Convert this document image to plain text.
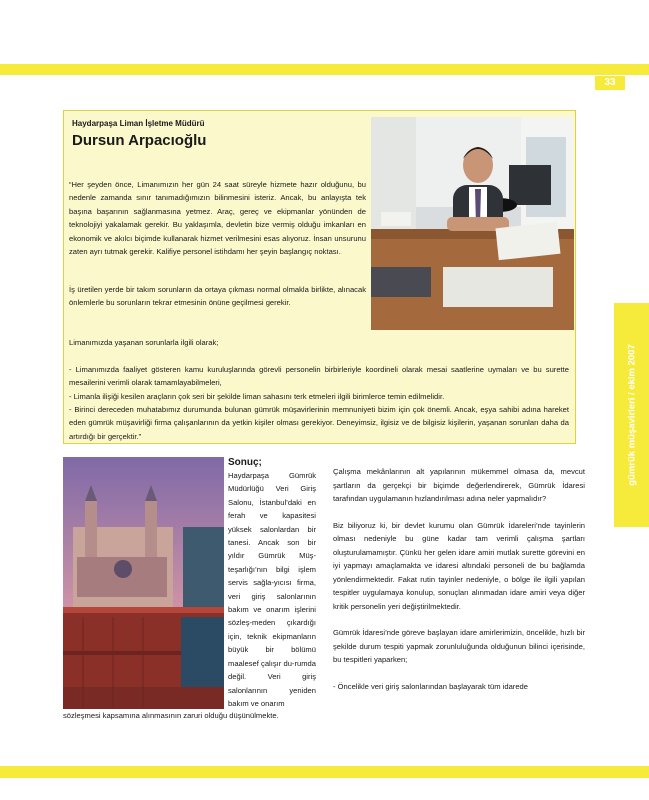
33
gümrük müşavirleri / ekim 2007
Haydarpaşa Liman İşletme Müdürü
Dursun Arpacıoğlu
“Her şeyden önce, Limanımızın her gün 24 saat süreyle hizmete hazır olduğunu, bu nedenle zamanda sınır tanımadığımızın bilinmesini isteriz. Ancak, bu anlayışta tek başına başarının sağlanmasına yetmez. Araç, gereç ve ekipmanlar yönünden de teknolojiyi yakalamak gerekir. Bu yaklaşımla, devletin bize vermiş olduğu imkanları en ekonomik ve akılcı biçimde kullanarak hizmet verilmesini esas alıyoruz. İnsan unsurunu zaten ayrı tutmak gerekir. Kalifiye personel istihdamı her şeyin başlangıç noktası.
İş üretilen yerde bir takım sorunların da ortaya çıkması normal olmakla birlikte, alınacak önlemlerle bu sorunların tekrar etmesinin önüne geçilmesi gerekir.
Limanımızda yaşanan sorunlarla ilgili olarak;
- Limanımızda faaliyet gösteren kamu kuruluşlarında görevli personelin birbirleriyle koordineli olarak mesai saatlerine uymaları ve bu surette mesailerini verimli olarak tamamlayabilmeleri,
- Limanla ilişiği kesilen araçların çok seri bir şekilde liman sahasını terk etmeleri ilgili birimlerce temin edilmelidir.
- Birinci dereceden muhatabımız durumunda bulunan gümrük müşavirlerinin memnuniyeti bizim için çok önemli. Ancak, eşya sahibi adına hareket eden gümrük müşavirliği firma çalışanlarının da yetkin kişiler olması gerekiyor. Deneyimsiz, ilgisiz ve de bilgisiz kişilerin, yaşanan sorunları daha da artırdığı bir gerçektir.”
Sonuç;
Haydarpaşa Gümrük Müdürlüğü Veri Giriş Salonu, İstanbul’daki en ferah ve kapasitesi yüksek salonlardan bir tanesi. Ancak son bir yıldır Gümrük Müş-teşarlığı’nın bilgi işlem servis sağla-yıcısı firma, veri giriş salonlarının bakım ve onarım işlerini sözleş-meden çıkardığı için, teknik ekipmanların büyük bir bölümü maalesef çalışır du-rumda değil. Veri giriş salonlarının yeniden bakım ve onarım
sözleşmesi kapsamına alınmasının zaruri olduğu düşünülmekte.

Çalışma mekânlarının alt yapılarının mükemmel olmasa da, mevcut şartların da gerçekçi bir biçimde değerlendirerek, Gümrük İdaresi tarafından uygulamanın hızlandırılması adına neler yapmalıdır?

Biz biliyoruz ki, bir devlet kurumu olan Gümrük İdareleri’nde tayinlerin olması nedeniyle bu güne kadar tam verimli çalışma şartları oluşturulamamıştır. Çünkü her gelen idare amiri mutlak surette görevini en iyi yapmayı amaçlamakta ve idaresi altındaki personeli de bu bağlamda yönlendirmektedir. Fakat rutin tayinler nedeniyle, o bölge ile ilgili yapılan tespitler uygulamaya konulup, sonuçları alınmadan idare amiri veya diğer kritik personelin yeri değiştirilmektedir.

Gümrük İdaresi’nde göreve başlayan idare amirlerimizin, öncelikle, hızlı bir şekilde durum tespiti yapmak zorunluluğunda olduğunun bilinci içerisinde, bu tespitleri yaparken;

- Öncelikle veri giriş salonlarından başlayarak tüm idarede
